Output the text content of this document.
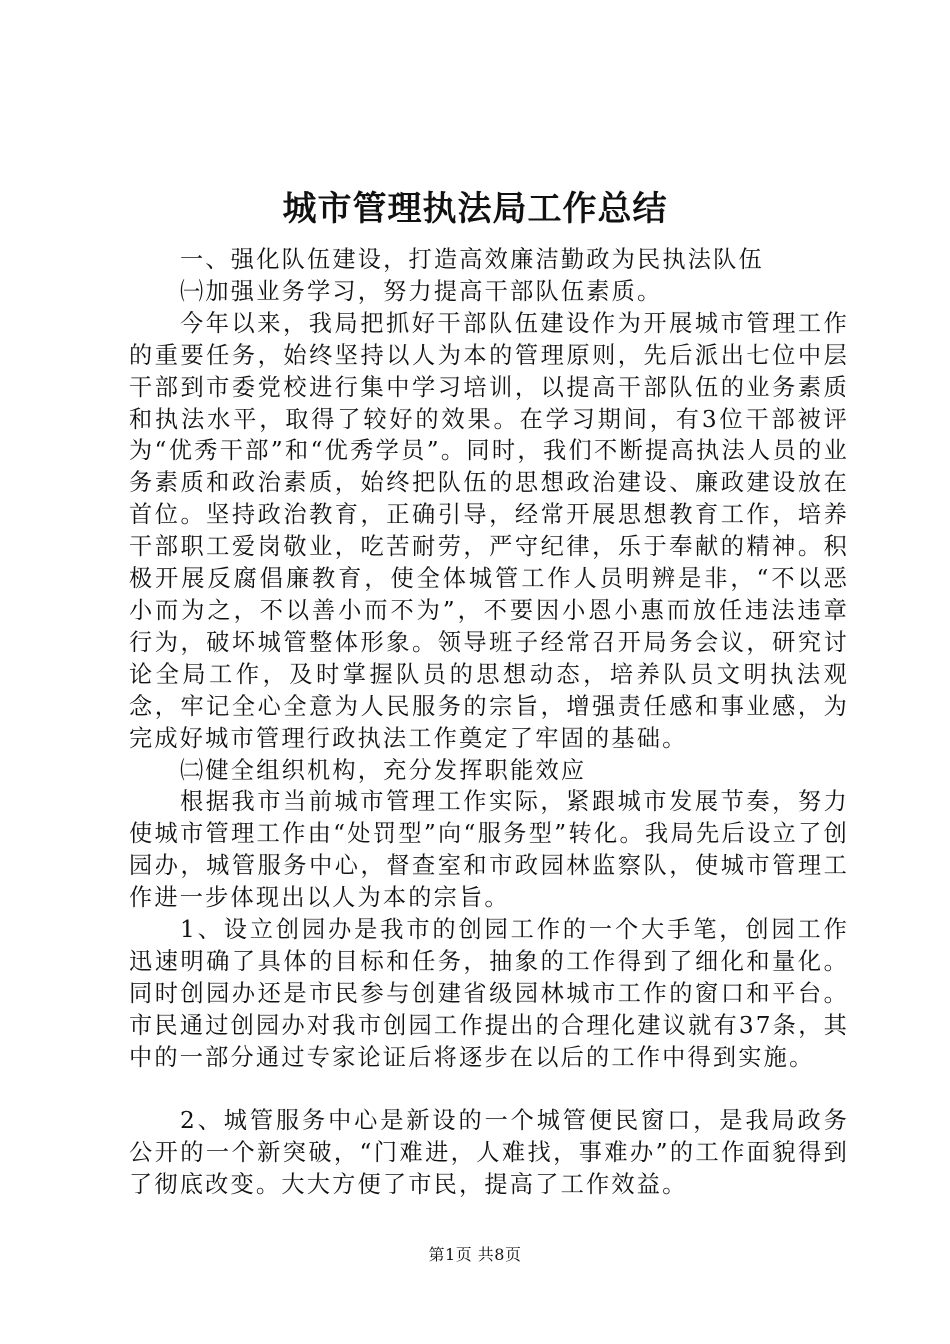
城市管理执法局工作总结

一、强化队伍建设，打造高效廉洁勤政为民执法队伍

㈠加强业务学习，努力提高干部队伍素质。

今年以来，我局把抓好干部队伍建设作为开展城市管理工作的重要任务，始终坚持以人为本的管理原则，先后派出七位中层干部到市委党校进行集中学习培训，以提高干部队伍的业务素质和执法水平，取得了较好的效果。在学习期间，有3位干部被评为“优秀干部”和“优秀学员”。同时，我们不断提高执法人员的业务素质和政治素质，始终把队伍的思想政治建设、廉政建设放在首位。坚持政治教育，正确引导，经常开展思想教育工作，培养干部职工爱岗敬业，吃苦耐劳，严守纪律，乐于奉献的精神。积极开展反腐倡廉教育，使全体城管工作人员明辨是非，“不以恶小而为之，不以善小而不为”，不要因小恩小惠而放任违法违章行为，破坏城管整体形象。领导班子经常召开局务会议，研究讨论全局工作，及时掌握队员的思想动态，培养队员文明执法观念，牢记全心全意为人民服务的宗旨，增强责任感和事业感，为完成好城市管理行政执法工作奠定了牢固的基础。

㈡健全组织机构，充分发挥职能效应

根据我市当前城市管理工作实际，紧跟城市发展节奏，努力使城市管理工作由“处罚型”向“服务型”转化。我局先后设立了创园办，城管服务中心，督查室和市政园林监察队，使城市管理工作进一步体现出以人为本的宗旨。

1、设立创园办是我市的创园工作的一个大手笔，创园工作迅速明确了具体的目标和任务，抽象的工作得到了细化和量化。同时创园办还是市民参与创建省级园林城市工作的窗口和平台。市民通过创园办对我市创园工作提出的合理化建议就有37条，其中的一部分通过专家论证后将逐步在以后的工作中得到实施。

2、城管服务中心是新设的一个城管便民窗口，是我局政务公开的一个新突破，“门难进，人难找，事难办”的工作面貌得到了彻底改变。大大方便了市民，提高了工作效益。

第1页 共8页
